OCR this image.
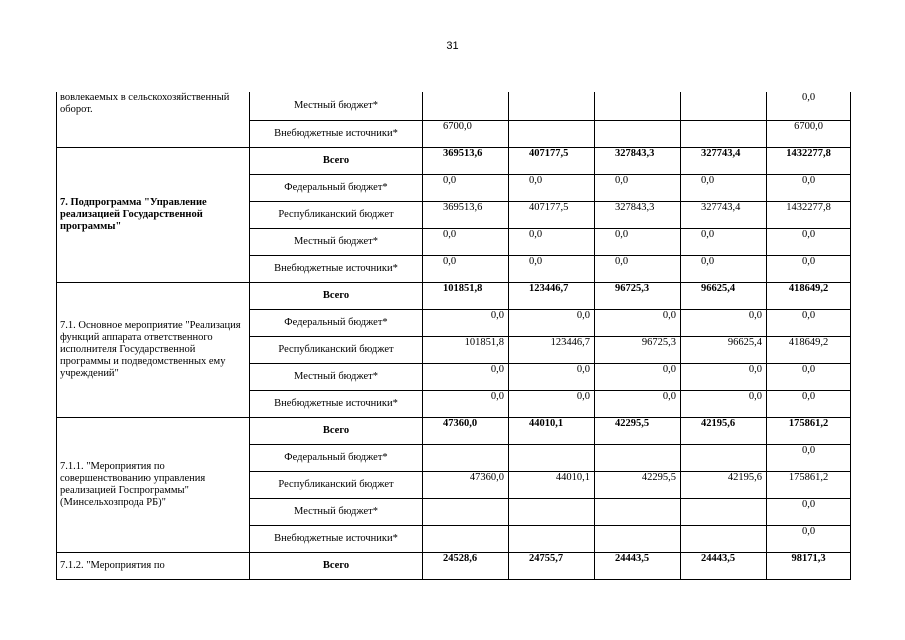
31
вовлекаемых в сельскохозяйственный оборот.	Местный бюджет*					0,0
	Внебюджетные источники*	6700,0				6700,0
7. Подпрограмма "Управление реализацией Государственной программы"	Всего	369513,6	407177,5	327843,3	327743,4	1432277,8
	Федеральный бюджет*	0,0	0,0	0,0	0,0	0,0
	Республиканский бюджет	369513,6	407177,5	327843,3	327743,4	1432277,8
	Местный бюджет*	0,0	0,0	0,0	0,0	0,0
	Внебюджетные источники*	0,0	0,0	0,0	0,0	0,0
7.1. Основное мероприятие "Реализация функций аппарата ответственного исполнителя Государственной программы и подведомственных ему учреждений"	Всего	101851,8	123446,7	96725,3	96625,4	418649,2
	Федеральный бюджет*	0,0	0,0	0,0	0,0	0,0
	Республиканский бюджет	101851,8	123446,7	96725,3	96625,4	418649,2
	Местный бюджет*	0,0	0,0	0,0	0,0	0,0
	Внебюджетные источники*	0,0	0,0	0,0	0,0	0,0
7.1.1. "Мероприятия по совершенствованию управления реализацией Госпрограммы" (Минсельхозпрода РБ)"	Всего	47360,0	44010,1	42295,5	42195,6	175861,2
	Федеральный бюджет*					0,0
	Республиканский бюджет	47360,0	44010,1	42295,5	42195,6	175861,2
	Местный бюджет*					0,0
	Внебюджетные источники*					0,0
7.1.2. "Мероприятия по	Всего	24528,6	24755,7	24443,5	24443,5	98171,3
